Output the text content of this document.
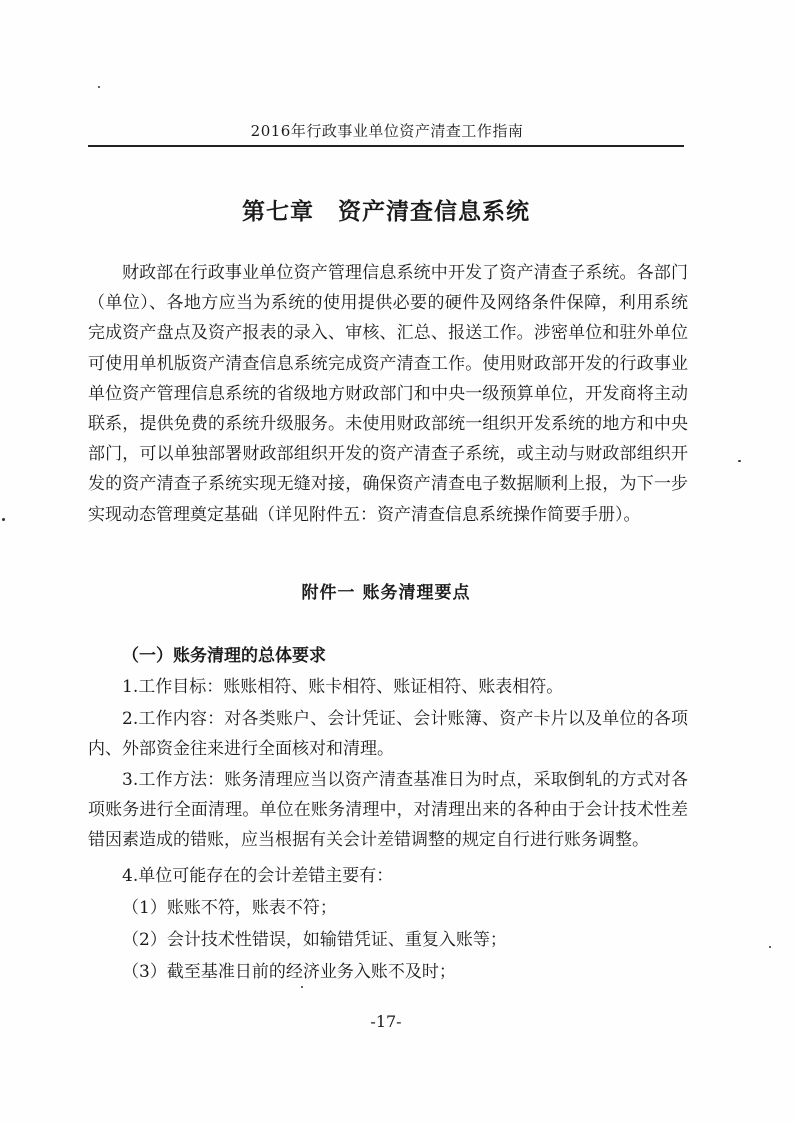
2016年行政事业单位资产清查工作指南
第七章　资产清查信息系统

财政部在行政事业单位资产管理信息系统中开发了资产清查子系统。各部门（单位）、各地方应当为系统的使用提供必要的硬件及网络条件保障，利用系统完成资产盘点及资产报表的录入、审核、汇总、报送工作。涉密单位和驻外单位可使用单机版资产清查信息系统完成资产清查工作。使用财政部开发的行政事业单位资产管理信息系统的省级地方财政部门和中央一级预算单位，开发商将主动联系，提供免费的系统升级服务。未使用财政部统一组织开发系统的地方和中央部门，可以单独部署财政部组织开发的资产清查子系统，或主动与财政部组织开发的资产清查子系统实现无缝对接，确保资产清查电子数据顺利上报，为下一步实现动态管理奠定基础（详见附件五：资产清查信息系统操作简要手册）。

附件一 账务清理要点
（一）账务清理的总体要求

1.工作目标：账账相符、账卡相符、账证相符、账表相符。

2.工作内容：对各类账户、会计凭证、会计账簿、资产卡片以及单位的各项内、外部资金往来进行全面核对和清理。

3.工作方法：账务清理应当以资产清查基准日为时点，采取倒轧的方式对各项账务进行全面清理。单位在账务清理中，对清理出来的各种由于会计技术性差错因素造成的错账，应当根据有关会计差错调整的规定自行进行账务调整。

4.单位可能存在的会计差错主要有：

（1）账账不符，账表不符；

（2）会计技术性错误，如输错凭证、重复入账等；

（3）截至基准日前的经济业务入账不及时；

-17-
